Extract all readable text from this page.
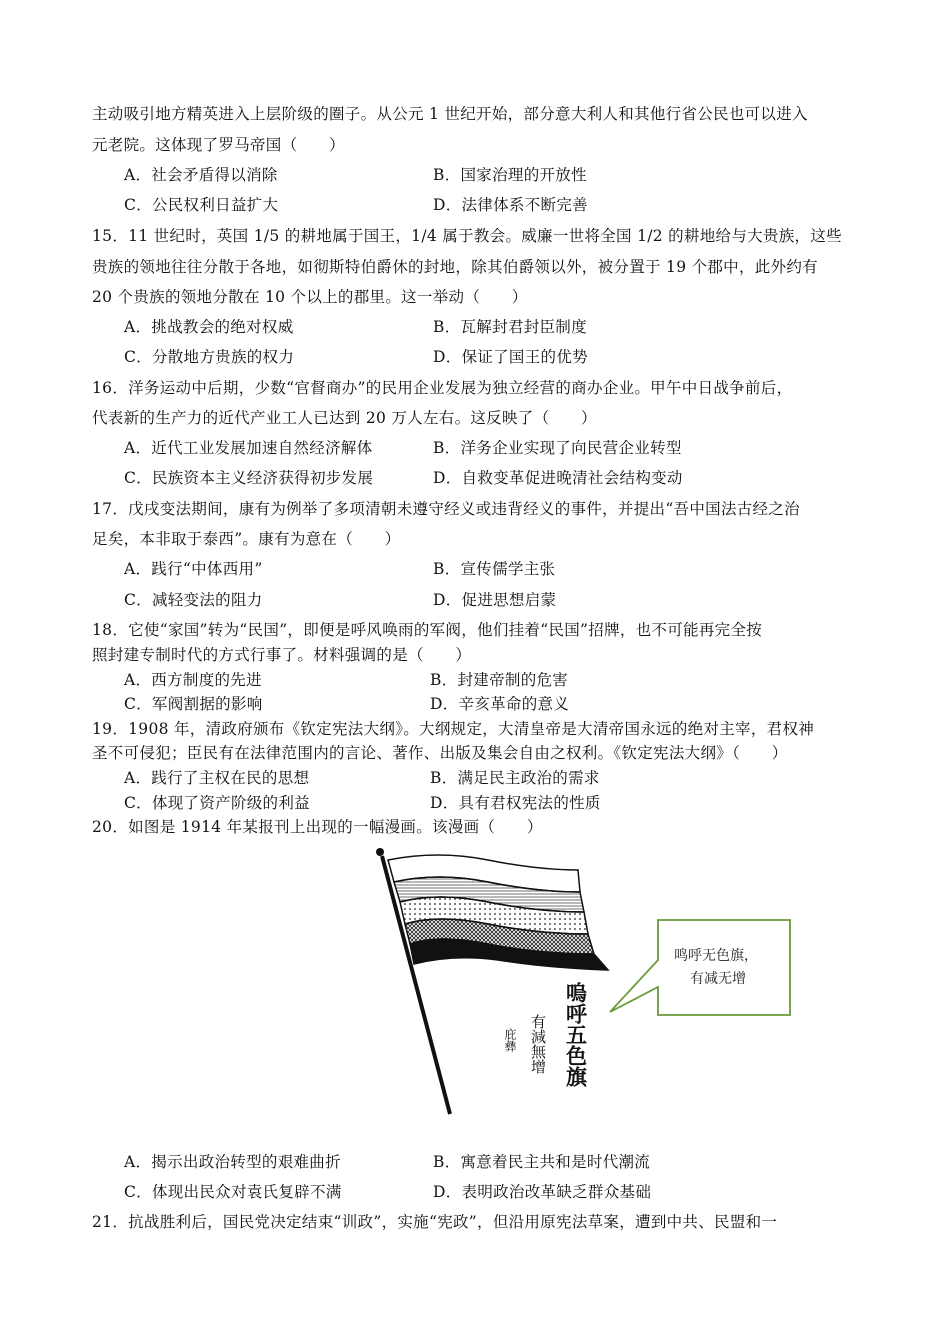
主动吸引地方精英进入上层阶级的圈子。从公元 1 世纪开始，部分意大利人和其他行省公民也可以进入
元老院。这体现了罗马帝国（　　）
A．社会矛盾得以消除	B．国家治理的开放性
C．公民权利日益扩大	D．法律体系不断完善
15．11 世纪时，英国 1/5 的耕地属于国王，1/4 属于教会。威廉一世将全国 1/2 的耕地给与大贵族，这些
贵族的领地往往分散于各地，如彻斯特伯爵休的封地，除其伯爵领以外，被分置于 19 个郡中，此外约有
20 个贵族的领地分散在 10 个以上的郡里。这一举动（　　）
A．挑战教会的绝对权威	B．瓦解封君封臣制度
C．分散地方贵族的权力	D．保证了国王的优势
16．洋务运动中后期，少数“官督商办”的民用企业发展为独立经营的商办企业。甲午中日战争前后，
代表新的生产力的近代产业工人已达到 20 万人左右。这反映了（　　）
A．近代工业发展加速自然经济解体	B．洋务企业实现了向民营企业转型
C．民族资本主义经济获得初步发展	D．自救变革促进晚清社会结构变动
17．戊戌变法期间，康有为例举了多项清朝未遵守经义或违背经义的事件，并提出“吾中国法古经之治
足矣，本非取于泰西”。康有为意在（　　）
A．践行“中体西用”	B．宣传儒学主张
C．减轻变法的阻力	D．促进思想启蒙
18．它使“家国”转为“民国”，即便是呼风唤雨的军阀，他们挂着“民国”招牌，也不可能再完全按
照封建专制时代的方式行事了。材料强调的是（　　）
A．西方制度的先进	B．封建帝制的危害
C．军阀割据的影响	D．辛亥革命的意义
19．1908 年，清政府颁布《钦定宪法大纲》。大纲规定，大清皇帝是大清帝国永远的绝对主宰，君权神
圣不可侵犯；臣民有在法律范围内的言论、著作、出版及集会自由之权利。《钦定宪法大纲》（　　）
A．践行了主权在民的思想	B．满足民主政治的需求
C．体现了资产阶级的利益	D．具有君权宪法的性质
20．如图是 1914 年某报刊上出现的一幅漫画。该漫画（　　）
鸣呼无色旗，
有减无增
嗚呼五色旗
有減無增
庇彝
A．揭示出政治转型的艰难曲折	B．寓意着民主共和是时代潮流
C．体现出民众对袁氏复辟不满	D．表明政治改革缺乏群众基础
21．抗战胜利后，国民党决定结束“训政”，实施“宪政”，但沿用原宪法草案，遭到中共、民盟和一
